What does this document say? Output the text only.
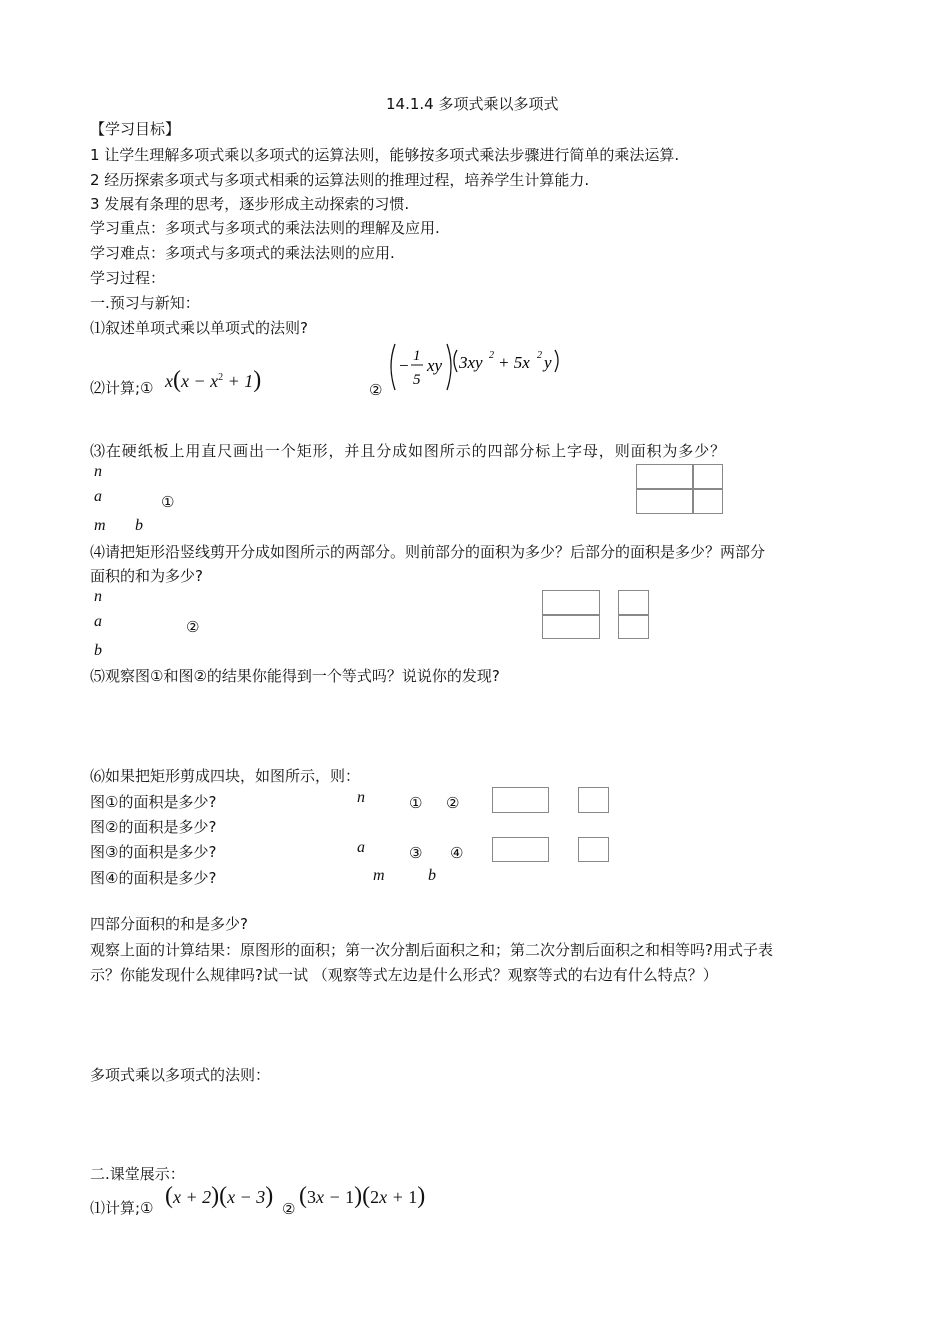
14.1.4 多项式乘以多项式
【学习目标】
1 让学生理解多项式乘以多项式的运算法则，能够按多项式乘法步骤进行简单的乘法运算.
2 经历探索多项式与多项式相乘的运算法则的推理过程，培养学生计算能力.
3 发展有条理的思考，逐步形成主动探索的习惯.
学习重点：多项式与多项式的乘法法则的理解及应用.
学习难点：多项式与多项式的乘法法则的应用.
学习过程：
一.预习与新知：
⑴叙述单项式乘以单项式的法则?
⑵计算;① $x(x - x^2 + 1)$	②
− 1
5
xy 3xy 2 + 5x 2 y
⑶在硬纸板上用直尺画出一个矩形，并且分成如图所示的四部分标上字母，则面积为多少？
n
a	①
m b
⑷请把矩形沿竖线剪开分成如图所示的两部分。则前部分的面积为多少？后部分的面积是多少？两部分
面积的和为多少?
n
a	②
b
⑸观察图①和图②的结果你能得到一个等式吗？说说你的发现?
⑹如果把矩形剪成四块，如图所示，则：
图①的面积是多少?
图②的面积是多少?
图③的面积是多少?
图④的面积是多少?
n	① ②
a	③ ④
m	b
四部分面积的和是多少?
观察上面的计算结果：原图形的面积；第一次分割后面积之和；第二次分割后面积之和相等吗?用式子表
示？你能发现什么规律吗?试一试 （观察等式左边是什么形式？观察等式的右边有什么特点？）
多项式乘以多项式的法则：
二.课堂展示：
⑴计算;① (x + 2)(x − 3) ② (3x − 1)(2x + 1)
